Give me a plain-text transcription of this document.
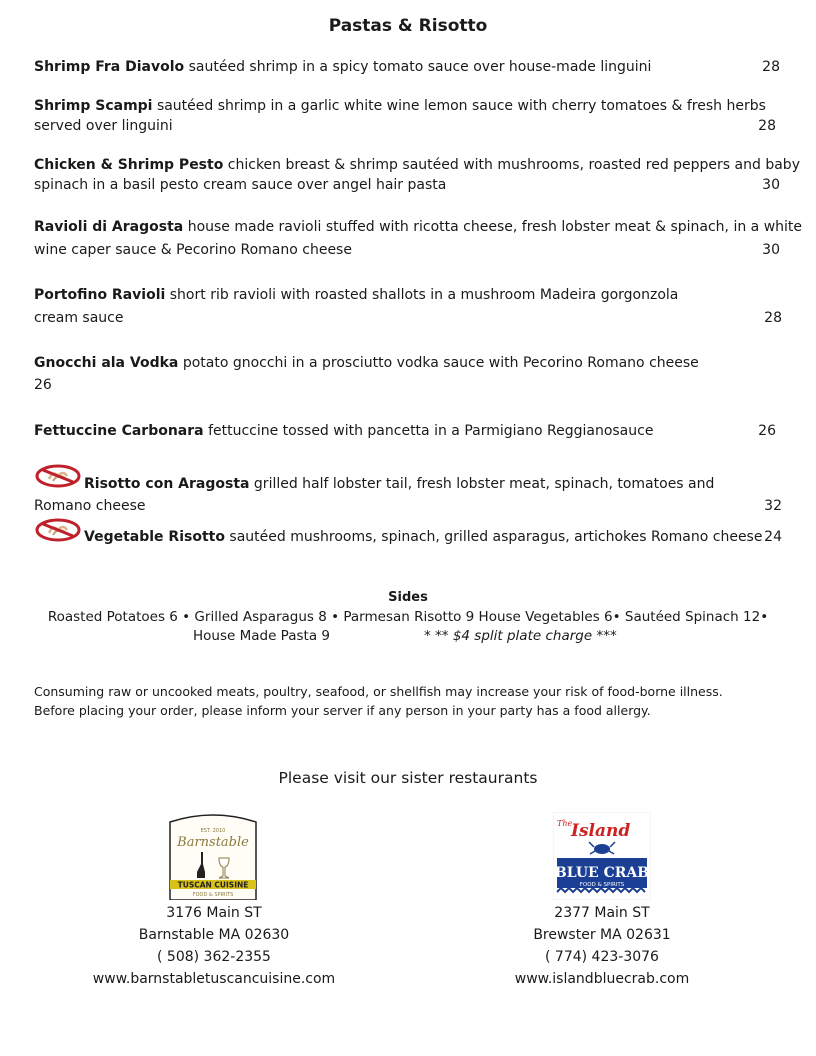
Pastas & Risotto
Shrimp Fra Diavolo sautéed shrimp in a spicy tomato sauce over house-made linguini	28
Shrimp Scampi sautéed shrimp in a garlic white wine lemon sauce with cherry tomatoes & fresh herbs
served over linguini	28
Chicken & Shrimp Pesto chicken breast & shrimp sautéed with mushrooms, roasted red peppers and baby
spinach in a basil pesto cream sauce over angel hair pasta	30
Ravioli di Aragosta house made ravioli stuffed with ricotta cheese, fresh lobster meat & spinach, in a white
wine caper sauce & Pecorino Romano cheese	30
Portofino Ravioli short rib ravioli with roasted shallots in a mushroom Madeira gorgonzola
cream sauce	28
Gnocchi ala Vodka potato gnocchi in a prosciutto vodka sauce with Pecorino Romano cheese
26
Fettuccine Carbonara fettuccine tossed with pancetta in a Parmigiano Reggianosauce	26
Risotto con Aragosta grilled half lobster tail, fresh lobster meat, spinach, tomatoes and
Romano cheese	32
Vegetable Risotto sautéed mushrooms, spinach, grilled asparagus, artichokes Romano cheese 24
Sides
Roasted Potatoes 6 • Grilled Asparagus 8 • Parmesan Risotto 9 House Vegetables 6• Sautéed Spinach 12•
House Made Pasta 9	* ** $4 split plate charge ***
Consuming raw or uncooked meats, poultry, seafood, or shellfish may increase your risk of food-borne illness.
Before placing your order, please inform your server if any person in your party has a food allergy.
Please visit our sister restaurants
EST. 2010
Barnstable
TUSCAN CUISINE
FOOD & SPIRITS
The
Island
BLUE CRAB
FOOD & SPIRITS
3176 Main ST
Barnstable MA 02630
( 508) 362-2355
www.barnstabletuscancuisine.com
2377 Main ST
Brewster MA 02631
( 774) 423-3076
www.islandbluecrab.com
